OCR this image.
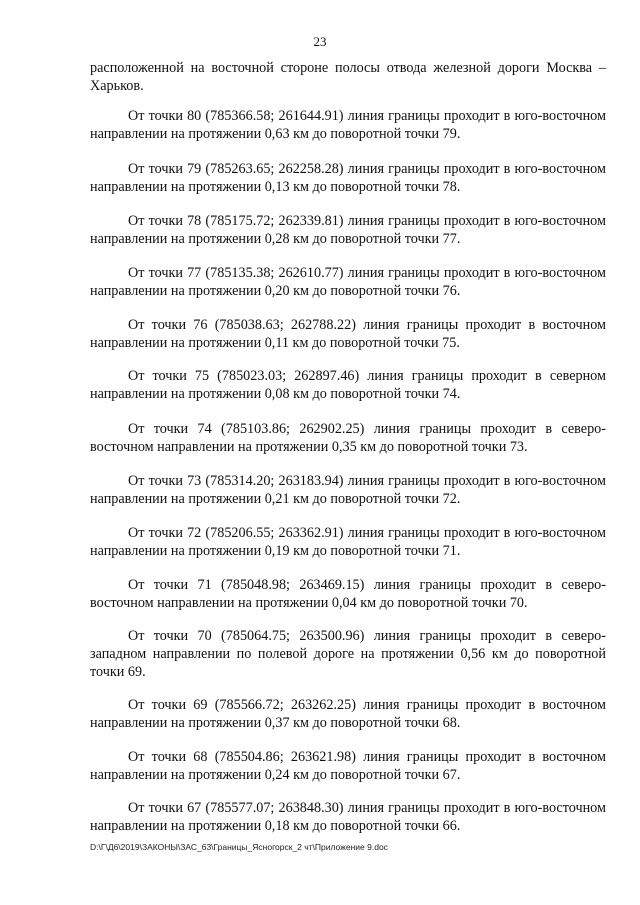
23

расположенной на восточной стороне полосы отвода железной дороги Москва – Харьков.

От точки 80 (785366.58; 261644.91) линия границы проходит в юго-восточном направлении на протяжении 0,63 км до поворотной точки 79.

От точки 79 (785263.65; 262258.28) линия границы проходит в юго-восточном направлении на протяжении 0,13 км до поворотной точки 78.

От точки 78 (785175.72; 262339.81) линия границы проходит в юго-восточном направлении на протяжении 0,28 км до поворотной точки 77.

От точки 77 (785135.38; 262610.77) линия границы проходит в юго-восточном направлении на протяжении 0,20 км до поворотной точки 76.

От точки 76 (785038.63; 262788.22) линия границы проходит в восточном направлении на протяжении 0,11 км до поворотной точки 75.

От точки 75 (785023.03; 262897.46) линия границы проходит в северном направлении на протяжении 0,08 км до поворотной точки 74.

От точки 74 (785103.86; 262902.25) линия границы проходит в северо-восточном направлении на протяжении 0,35 км до поворотной точки 73.

От точки 73 (785314.20; 263183.94) линия границы проходит в юго-восточном направлении на протяжении 0,21 км до поворотной точки 72.

От точки 72 (785206.55; 263362.91) линия границы проходит в юго-восточном направлении на протяжении 0,19 км до поворотной точки 71.

От точки 71 (785048.98; 263469.15) линия границы проходит в северо-восточном направлении на протяжении 0,04 км до поворотной точки 70.

От точки 70 (785064.75; 263500.96) линия границы проходит в северо-западном направлении по полевой дороге на протяжении 0,56 км до поворотной точки 69.

От точки 69 (785566.72; 263262.25) линия границы проходит в восточном направлении на протяжении 0,37 км до поворотной точки 68.

От точки 68 (785504.86; 263621.98) линия границы проходит в восточном направлении на протяжении 0,24 км до поворотной точки 67.

От точки 67 (785577.07; 263848.30) линия границы проходит в юго-восточном направлении на протяжении 0,18 км до поворотной точки 66.

D:\Г\Д6\2019\ЗАКОНЫ\ЗАС_63\Границы_Ясногорск_2 чт\Приложение 9.doc
